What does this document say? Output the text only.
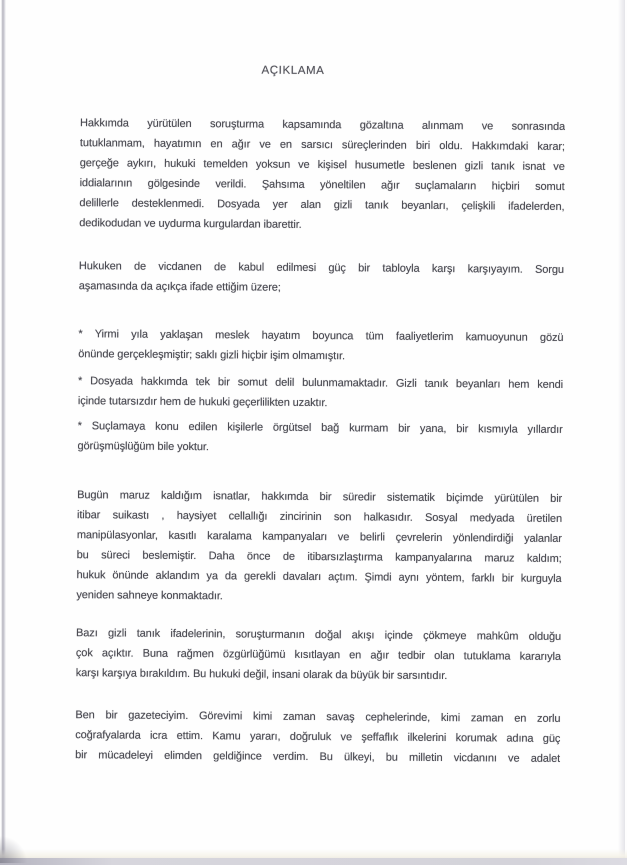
AÇIKLAMA
Hakkımda yürütülen soruşturma kapsamında gözaltına alınmam ve sonrasında
tutuklanmam, hayatımın en ağır ve en sarsıcı süreçlerinden biri oldu. Hakkımdaki karar;
gerçeğe aykırı, hukuki temelden yoksun ve kişisel husumetle beslenen gizli tanık isnat ve
iddialarının gölgesinde verildi. Şahsıma yöneltilen ağır suçlamaların hiçbiri somut
delillerle desteklenmedi. Dosyada yer alan gizli tanık beyanları, çelişkili ifadelerden,
dedikodudan ve uydurma kurgulardan ibarettir.
Hukuken de vicdanen de kabul edilmesi güç bir tabloyla karşı karşıyayım. Sorgu
aşamasında da açıkça ifade ettiğim üzere;
* Yirmi yıla yaklaşan meslek hayatım boyunca tüm faaliyetlerim kamuoyunun gözü
önünde gerçekleşmiştir; saklı gizli hiçbir işim olmamıştır.
* Dosyada hakkımda tek bir somut delil bulunmamaktadır. Gizli tanık beyanları hem kendi
içinde tutarsızdır hem de hukuki geçerlilikten uzaktır.
* Suçlamaya konu edilen kişilerle örgütsel bağ kurmam bir yana, bir kısmıyla yıllardır
görüşmüşlüğüm bile yoktur.
Bugün maruz kaldığım isnatlar, hakkımda bir süredir sistematik biçimde yürütülen bir
itibar suikastı , haysiyet cellallığı zincirinin son halkasıdır. Sosyal medyada üretilen
manipülasyonlar, kasıtlı karalama kampanyaları ve belirli çevrelerin yönlendirdiği yalanlar
bu süreci beslemiştir. Daha önce de itibarsızlaştırma kampanyalarına maruz kaldım;
hukuk önünde aklandım ya da gerekli davaları açtım. Şimdi aynı yöntem, farklı bir kurguyla
yeniden sahneye konmaktadır.
Bazı gizli tanık ifadelerinin, soruşturmanın doğal akışı içinde çökmeye mahkûm olduğu
çok açıktır. Buna rağmen özgürlüğümü kısıtlayan en ağır tedbir olan tutuklama kararıyla
karşı karşıya bırakıldım. Bu hukuki değil, insani olarak da büyük bir sarsıntıdır.
Ben bir gazeteciyim. Görevimi kimi zaman savaş cephelerinde, kimi zaman en zorlu
coğrafyalarda icra ettim. Kamu yararı, doğruluk ve şeffaflık ilkelerini korumak adına güç
bir mücadeleyi elimden geldiğince verdim. Bu ülkeyi, bu milletin vicdanını ve adalet
